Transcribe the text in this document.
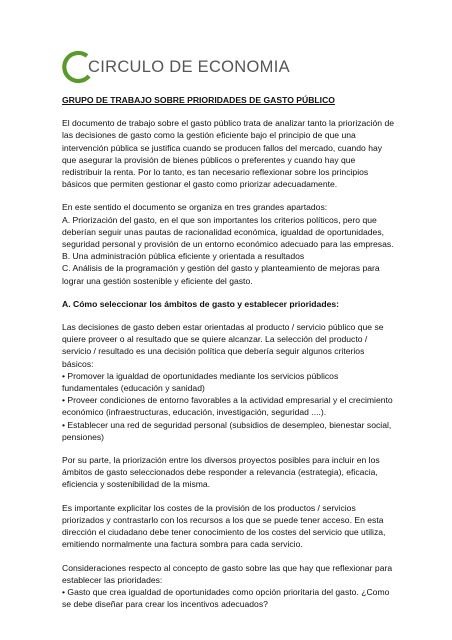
CIRCULO DE ECONOMIA

GRUPO DE TRABAJO SOBRE PRIORIDADES DE GASTO PÚBLICO

El documento de trabajo sobre el gasto público trata de analizar tanto la priorización de las decisiones de gasto como la gestión eficiente bajo el principio de que una intervención pública se justifica cuando se producen fallos del mercado, cuando hay que asegurar la provisión de bienes públicos o preferentes y cuando hay que redistribuir la renta. Por lo tanto, es tan necesario reflexionar sobre los principios básicos que permiten gestionar el gasto como priorizar adecuadamente.

En este sentido el documento se organiza en tres grandes apartados:

A. Priorización del gasto, en el que son importantes los criterios políticos, pero que deberían seguir unas pautas de racionalidad económica, igualdad de oportunidades, seguridad personal y provisión de un entorno económico adecuado para las empresas.

B. Una administración pública eficiente y orientada a resultados

C. Análisis de la programación y gestión del gasto y planteamiento de mejoras para lograr una gestión sostenible y eficiente del gasto.

A. Cómo seleccionar los ámbitos de gasto y establecer prioridades:

Las decisiones de gasto deben estar orientadas al producto / servicio público que se quiere proveer o al resultado que se quiere alcanzar. La selección del producto / servicio / resultado es una decisión política que debería seguir algunos criterios básicos:

• Promover la igualdad de oportunidades mediante los servicios públicos fundamentales (educación y sanidad)

• Proveer condiciones de entorno favorables a la actividad empresarial y el crecimiento económico (infraestructuras, educación, investigación, seguridad ....).

• Establecer una red de seguridad personal (subsidios de desempleo, bienestar social, pensiones)

Por su parte, la priorización entre los diversos proyectos posibles para incluir en los ámbitos de gasto seleccionados debe responder a relevancia (estrategia), eficacia, eficiencia y sostenibilidad de la misma.

Es importante explicitar los costes de la provisión de los productos / servicios priorizados y contrastarlo con los recursos a los que se puede tener acceso. En esta dirección el ciudadano debe tener conocimiento de los costes del servicio que utiliza, emitiendo normalmente una factura sombra para cada servicio.

Consideraciones respecto al concepto de gasto sobre las que hay que reflexionar para establecer las prioridades:

• Gasto que crea igualdad de oportunidades como opción prioritaria del gasto. ¿Como se debe diseñar para crear los incentivos adecuados?
